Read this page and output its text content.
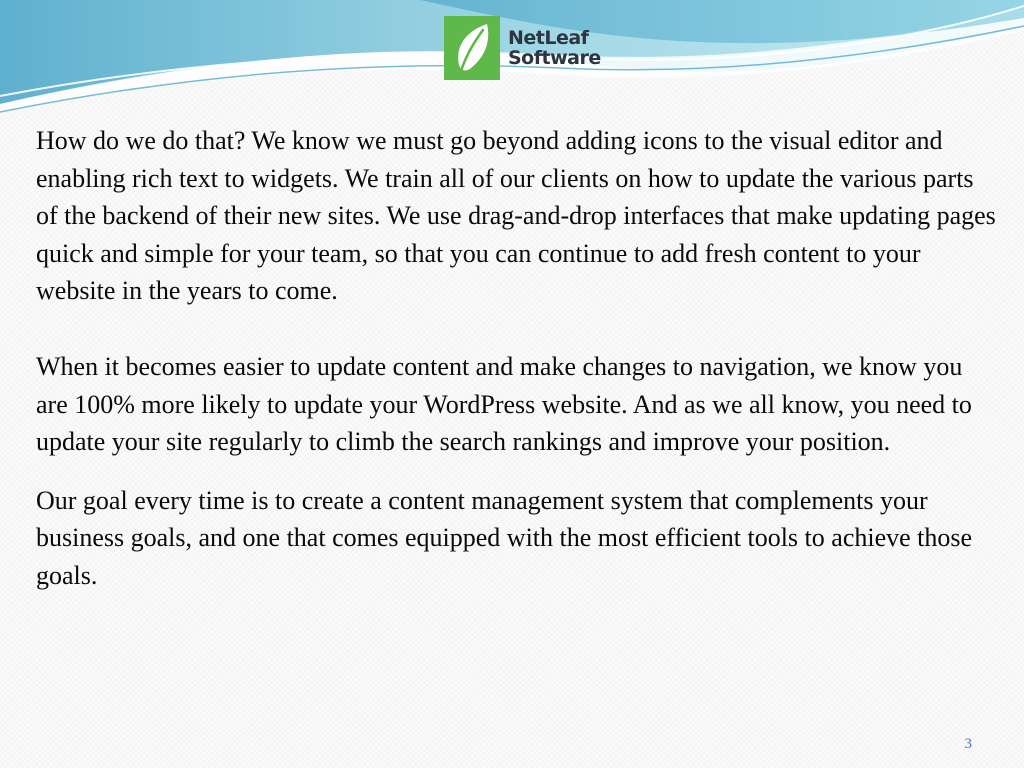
NetLeaf
Software

How do we do that? We know we must go beyond adding icons to the visual editor and enabling rich text to widgets. We train all of our clients on how to update the various parts of the backend of their new sites. We use drag-and-drop interfaces that make updating pages quick and simple for your team, so that you can continue to add fresh content to your website in the years to come.

When it becomes easier to update content and make changes to navigation, we know you are 100% more likely to update your WordPress website. And as we all know, you need to update your site regularly to climb the search rankings and improve your position.

Our goal every time is to create a content management system that complements your business goals, and one that comes equipped with the most efficient tools to achieve those goals.

3
